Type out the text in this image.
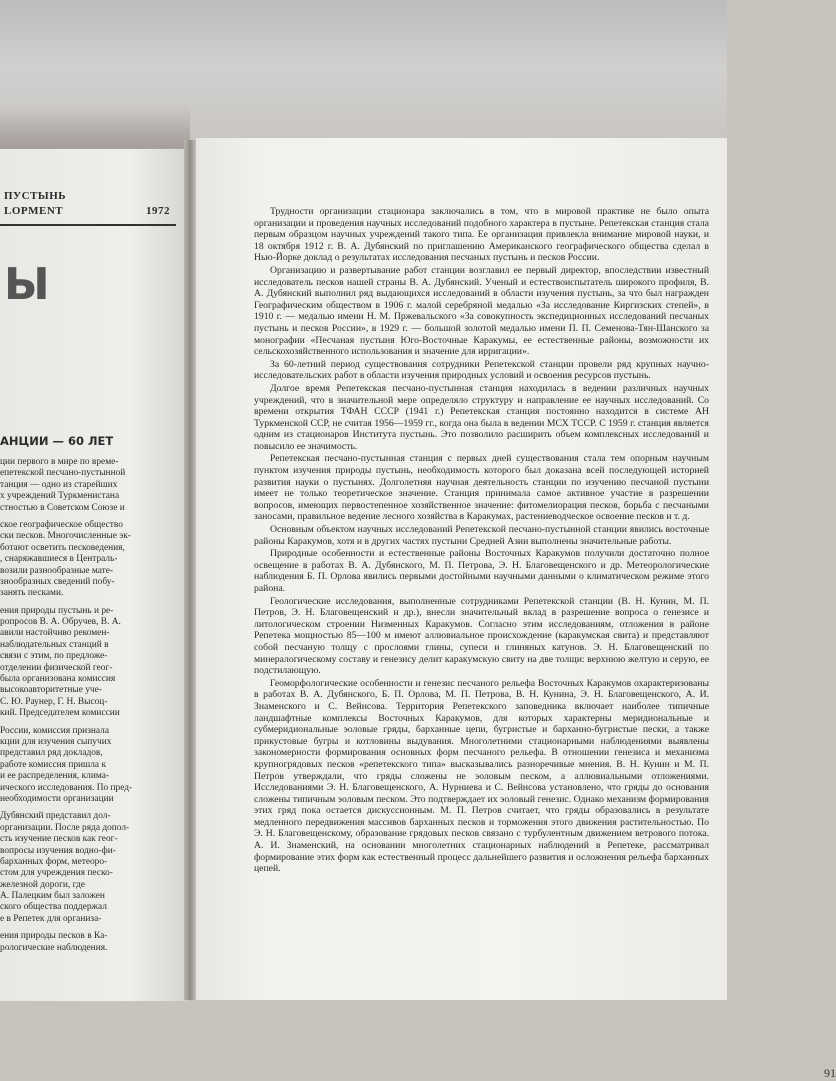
ПУСТЫНЬ
LOPMENT	1972
Ы
АНЦИИ — 60 ЛЕТ
ции первого в мире по време-
епетекской песчано-пустынной
танция — одно из старейших
х учреждений Туркменистана
стностью в Советском Союзе и
ское географическое общество
ски песков. Многочисленные эк-
ботают осветить песковедения,
, снаряжавшиеся в Централь-
возили разнообразные мате-
знообразных сведений побу-
занять песками.
ения природы пустынь и ре-
ропросов В. А. Обручев, В. А.
авили настойчиво рекомен-
наблюдательных станций в
связи с этим, по предложе-
отделении физической геог-
была организована комиссия
высокоавторитетные уче-
С. Ю. Раунер, Г. Н. Высоц-
кий. Председателем комиссии
России, комиссия признала
кции для изучения сыпучих
представил ряд докладов,
работе комиссия пришла к
и ее распределения, клима-
ического исследования. По пред-
необходимости организации
Дубянский представил дол-
организации. После ряда допол-
сть изучение песков как геог-
вопросы изучения водно-фи-
барханных форм, метеоро-
стом для учреждения песко-
железной дороги, где
А. Палецким был заложен
ского общества поддержал
е в Репетек для организа-
ения природы песков в Ка-
рологические наблюдения.

Трудности организации стационара заключались в том, что в мировой практике не было опыта организации и проведения научных исследований подобного характера в пустыне. Репетекская станция стала первым образцом научных учреждений такого типа. Ее организация привлекла внимание мировой науки, и 18 октября 1912 г. В. А. Дубянский по приглашению Американского географического общества сделал в Нью-Йорке доклад о результатах исследования песчаных пустынь и песков России.

Организацию и развертывание работ станции возглавил ее первый директор, впоследствии известный исследователь песков нашей страны В. А. Дубянский. Ученый и естествоиспытатель широкого профиля, В. А. Дубянский выполнил ряд выдающихся исследований в области изучения пустынь, за что был награжден Географическим обществом в 1906 г. малой серебряной медалью «За исследование Киргизских степей», в 1910 г. — медалью имени Н. М. Пржевальского «За совокупность экспедиционных исследований песчаных пустынь и песков России», в 1929 г. — большой золотой медалью имени П. П. Семенова-Тян-Шанского за монографии «Песчаная пустыня Юго-Восточные Каракумы, ее естественные районы, возможности их сельскохозяйственного использования и значение для ирригации».

За 60-летний период существования сотрудники Репетекской станции провели ряд крупных научно-исследовательских работ в области изучения природных условий и освоения ресурсов пустынь.

Долгое время Репетекская песчано-пустынная станция находилась в ведении различных научных учреждений, что в значительной мере определяло структуру и направление ее научных исследований. Со времени открытия ТФАН СССР (1941 г.) Репетекская станция постоянно находится в системе АН Туркменской ССР, не считая 1956—1959 гг., когда она была в ведении МСХ ТССР. С 1959 г. станция является одним из стационаров Института пустынь. Это позволило расширить объем комплексных исследований и повысило ее значимость.

Репетекская песчано-пустынная станция с первых дней существования стала тем опорным научным пунктом изучения природы пустынь, необходимость которого был доказана всей последующей историей развития науки о пустынях. Долголетняя научная деятельность станции по изучению песчаной пустыни имеет не только теоретическое значение. Станция принимала самое активное участие в разрешении вопросов, имеющих первостепенное хозяйственное значение: фитомелиорация песков, борьба с песчаными заносами, правильное ведение лесного хозяйства в Каракумах, растениеводческое освоение песков и т. д.

Основным объектом научных исследований Репетекской песчано-пустынной станции явились восточные районы Каракумов, хотя и в других частях пустыни Средней Азии выполнены значительные работы.

Природные особенности и естественные районы Восточных Каракумов получили достаточно полное освещение в работах В. А. Дубянского, М. П. Петрова, Э. Н. Благовещенского и др. Метеорологические наблюдения Б. П. Орлова явились первыми достойными научными данными о климатическом режиме этого района.

Геологические исследования, выполненные сотрудниками Репетекской станции (В. Н. Кунин, М. П. Петров, Э. Н. Благовещенский и др.), внесли значительный вклад в разрешение вопроса о генезисе и литологическом строении Низменных Каракумов. Согласно этим исследованиям, отложения в районе Репетека мощностью 85—100 м имеют аллювиальное происхождение (каракумская свита) и представляют собой песчаную толщу с прослоями глины, супеси и глиняных катунов. Э. Н. Благовещенский по минералогическому составу и генезису делит каракумскую свиту на две толщи: верхнюю желтую и серую, ее подстилающую.

Геоморфологические особенности и генезис песчаного рельефа Восточных Каракумов охарактеризованы в работах В. А. Дубянского, Б. П. Орлова, М. П. Петрова, В. Н. Кунина, Э. Н. Благовещенского, А. И. Знаменского и С. Вейнсова. Территория Репетекского заповедника включает наиболее типичные ландшафтные комплексы Восточных Каракумов, для которых характерны меридиональные и субмеридиональные эоловые гряды, барханные цепи, бугристые и барханно-бугристые пески, а также прикустовые бугры и котловины выдувания. Многолетними стационарными наблюдениями выявлены закономерности формирования основных форм песчаного рельефа. В отношении генезиса и механизма крупногрядовых песков «репетекского типа» высказывались разноречивые мнения. В. Н. Кунин и М. П. Петров утверждали, что гряды сложены не эоловым песком, а аллювиальными отложениями. Исследованиями Э. Н. Благовещенского, А. Нурниева и С. Вейнсова установлено, что гряды до основания сложены типичным эоловым песком. Это подтверждает их эоловый генезис. Однако механизм формирования этих гряд пока остается дискуссионным. М. П. Петров считает, что гряды образовались в результате медленного передвижения массивов барханных песков и торможения этого движения растительностью. По Э. Н. Благовещенскому, образование грядовых песков связано с турбулентным движением ветрового потока. А. И. Знаменский, на основании многолетних стационарных наблюдений в Репетеке, рассматривал формирование этих форм как естественный процесс дальнейшего развития и осложнения рельефа барханных цепей.

91
